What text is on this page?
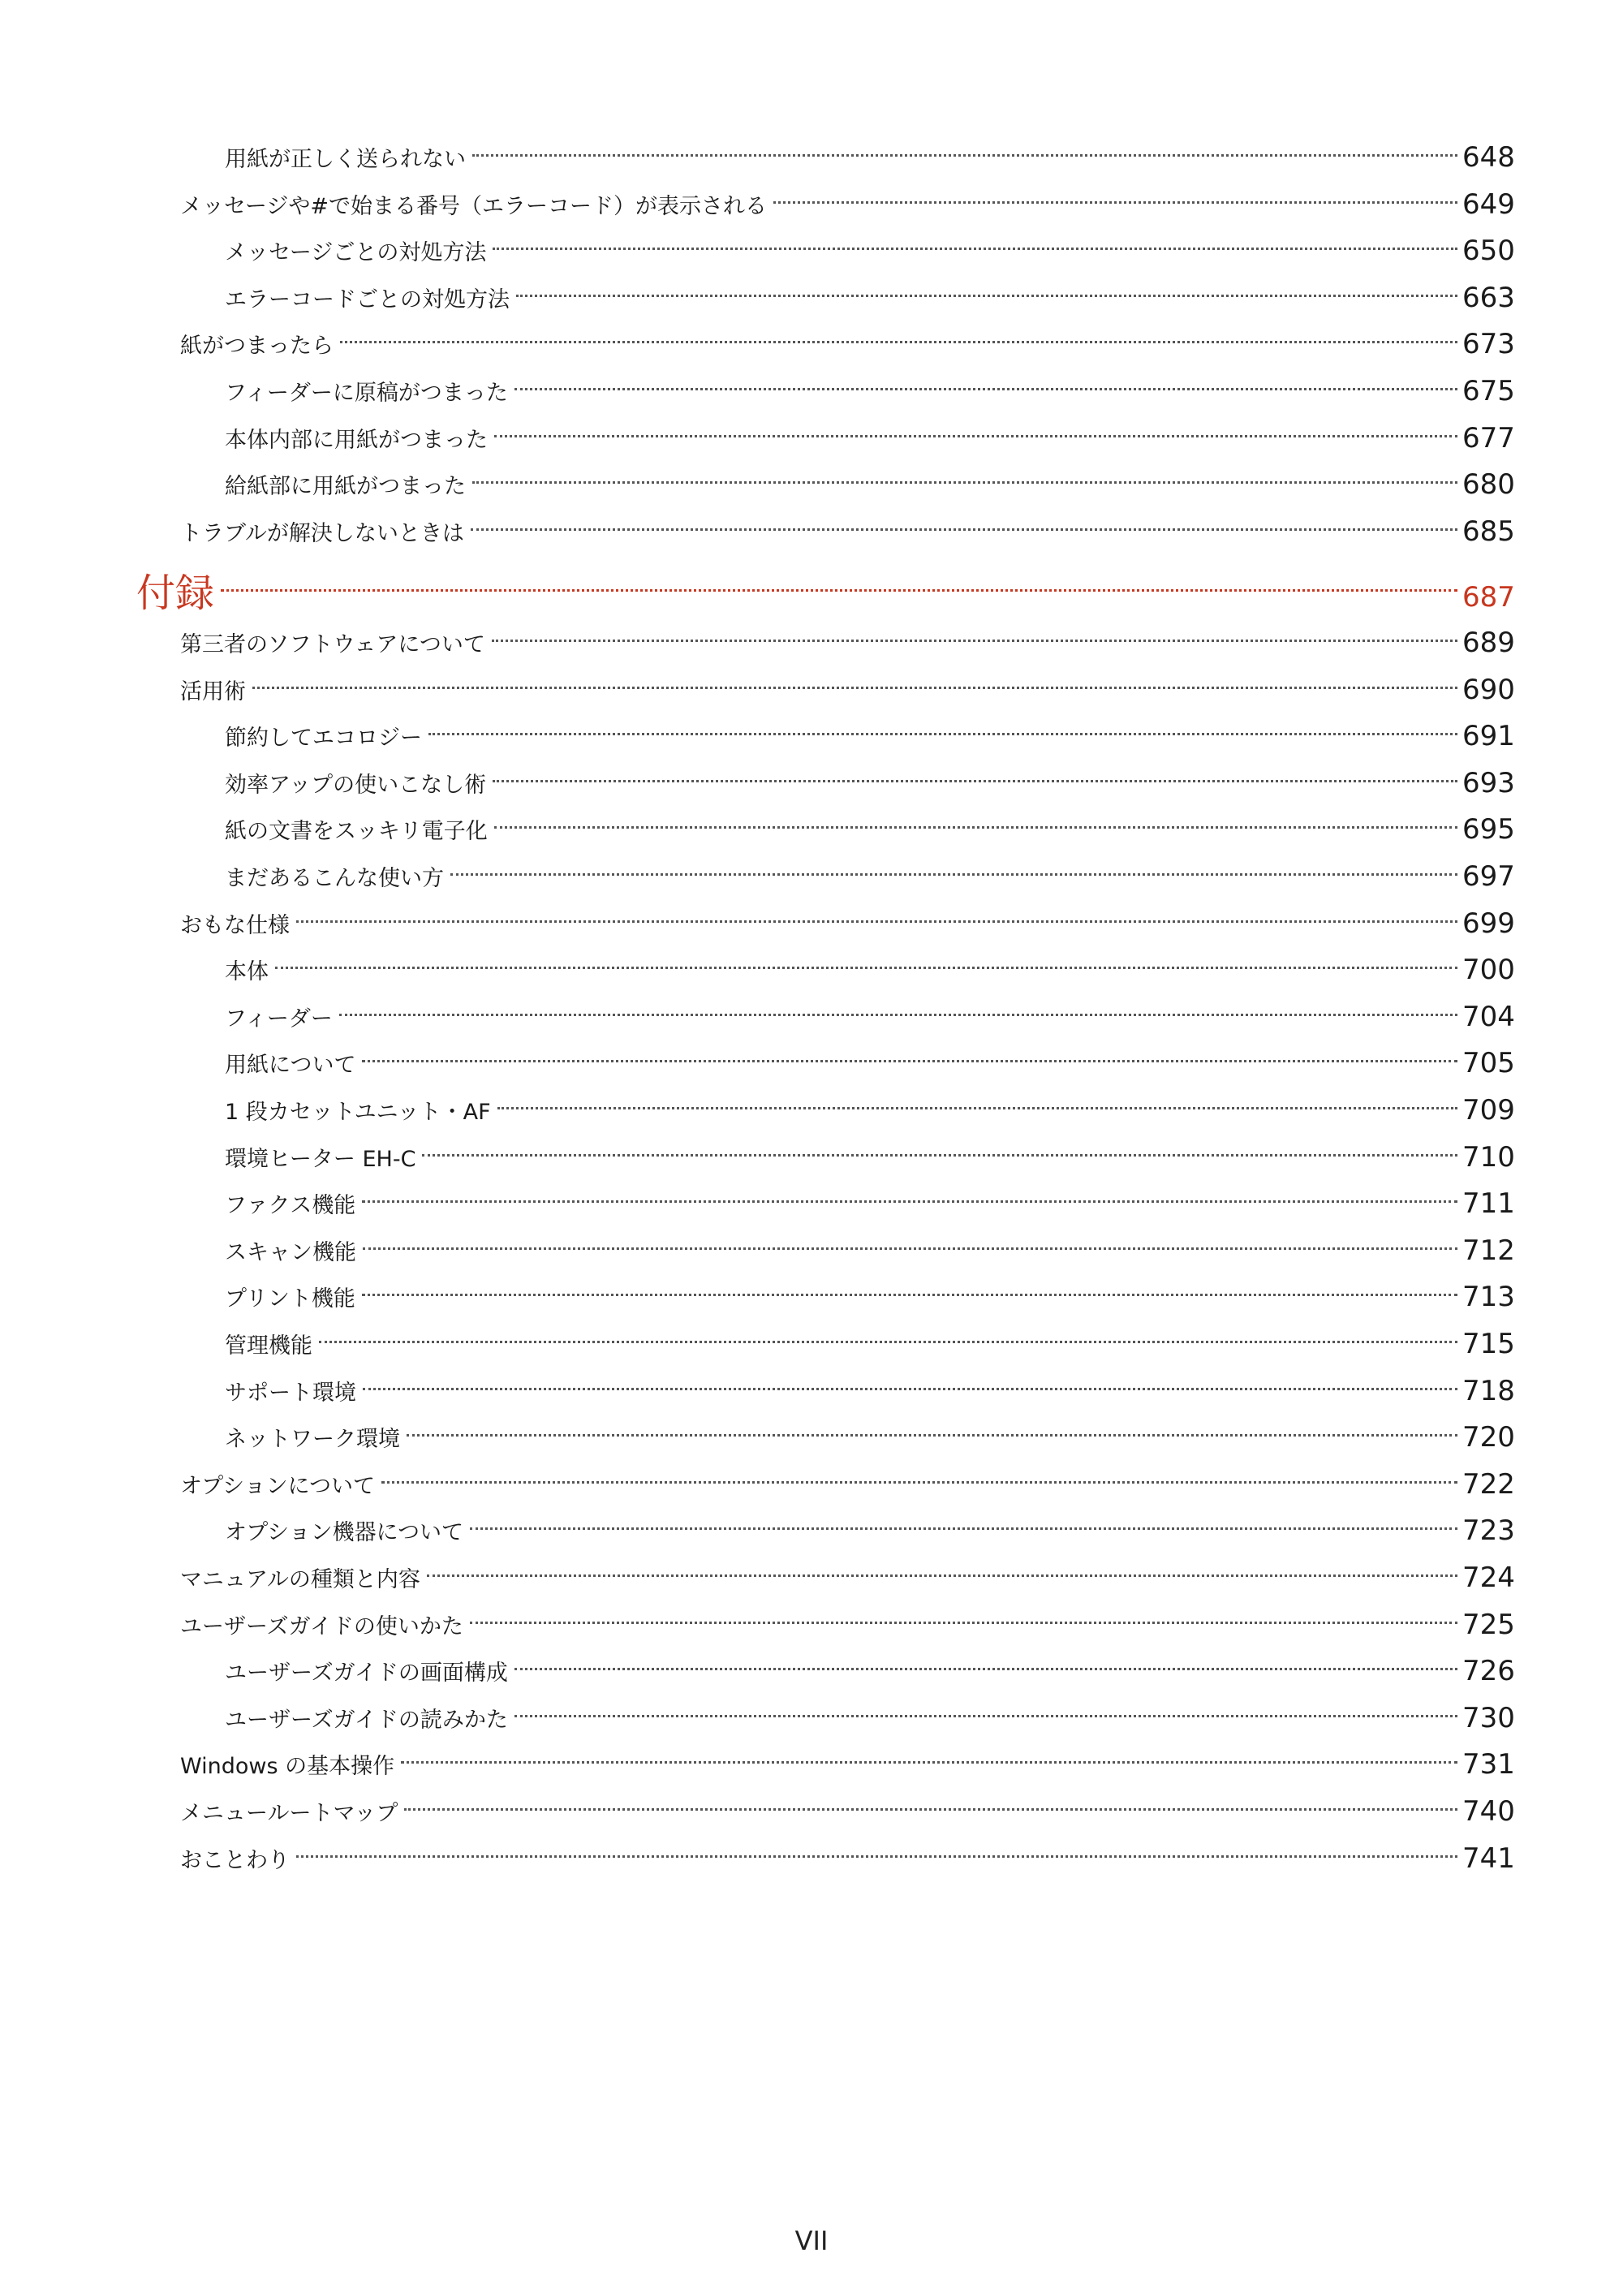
用紙が正しく送られない	648
メッセージや#で始まる番号（エラーコード）が表示される	649
メッセージごとの対処方法	650
エラーコードごとの対処方法	663
紙がつまったら	673
フィーダーに原稿がつまった	675
本体内部に用紙がつまった	677
給紙部に用紙がつまった	680
トラブルが解決しないときは	685
付録	687
第三者のソフトウェアについて	689
活用術	690
節約してエコロジー	691
効率アップの使いこなし術	693
紙の文書をスッキリ電子化	695
まだあるこんな使い方	697
おもな仕様	699
本体	700
フィーダー	704
用紙について	705
1 段カセットユニット・AF	709
環境ヒーター EH-C	710
ファクス機能	711
スキャン機能	712
プリント機能	713
管理機能	715
サポート環境	718
ネットワーク環境	720
オプションについて	722
オプション機器について	723
マニュアルの種類と内容	724
ユーザーズガイドの使いかた	725
ユーザーズガイドの画面構成	726
ユーザーズガイドの読みかた	730
Windows の基本操作	731
メニュールートマップ	740
おことわり	741
VII
